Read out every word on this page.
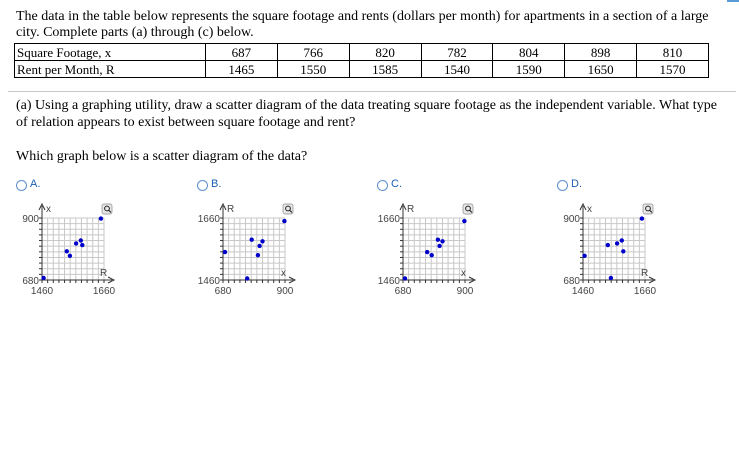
The data in the table below represents the square footage and rents (dollars per month) for apartments in a section of a large city. Complete parts (a) through (c) below.

Square Footage, x	687	766	820	782	804	898	810
Rent per Month, R	1465	1550	1585	1540	1590	1650	1570

(a) Using a graphing utility, draw a scatter diagram of the data treating square footage as the independent variable. What type of relation appears to exist between square footage and rent?

Which graph below is a scatter diagram of the data?

A.
900
680
1460	1660
x
R
B.
1660
1460
680	900
R
x
C.
1660
1460
680	900
R
x
D.
900
680
1460	1660
x
R
